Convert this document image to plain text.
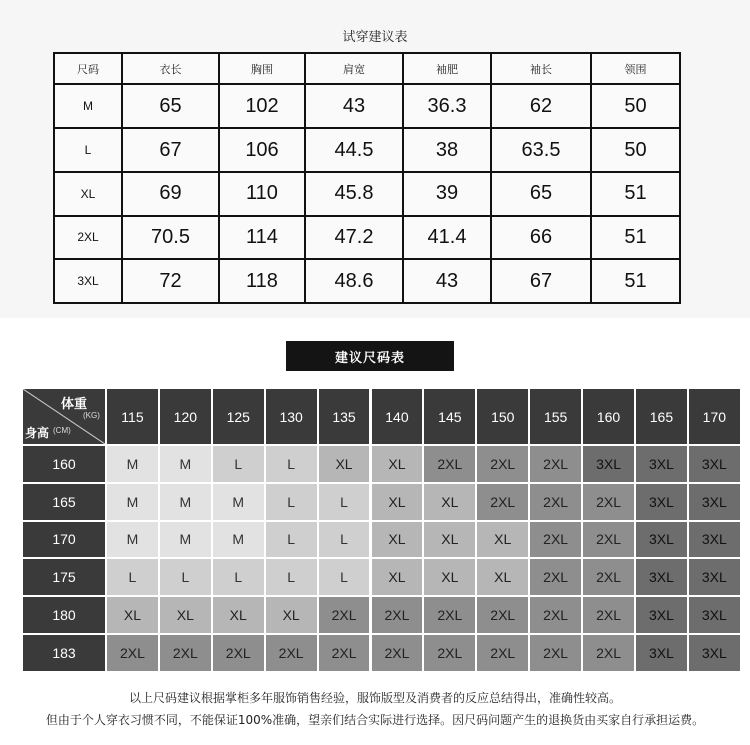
试穿建议表
尺码	衣长	胸围	肩宽	袖肥	袖长	领围
M	65	102	43	36.3	62	50
L	67	106	44.5	38	63.5	50
XL	69	110	45.8	39	65	51
2XL	70.5	114	47.2	41.4	66	51
3XL	72	118	48.6	43	67	51
建议尺码表
体重
(KG)
身高 (CM)
115	120	125	130	135	140	145	150	155	160	165	170
160	M	M	L	L	XL	XL	2XL	2XL	2XL	3XL	3XL	3XL
165	M	M	M	L	L	XL	XL	2XL	2XL	2XL	3XL	3XL
170	M	M	M	L	L	XL	XL	XL	2XL	2XL	3XL	3XL
175	L	L	L	L	L	XL	XL	XL	2XL	2XL	3XL	3XL
180	XL	XL	XL	XL	2XL	2XL	2XL	2XL	2XL	2XL	3XL	3XL
183	2XL	2XL	2XL	2XL	2XL	2XL	2XL	2XL	2XL	2XL	3XL	3XL
以上尺码建议根据掌柜多年服饰销售经验，服饰版型及消费者的反应总结得出，准确性较高。
但由于个人穿衣习惯不同，不能保证100%准确，望亲们结合实际进行选择。因尺码问题产生的退换货由买家自行承担运费。
